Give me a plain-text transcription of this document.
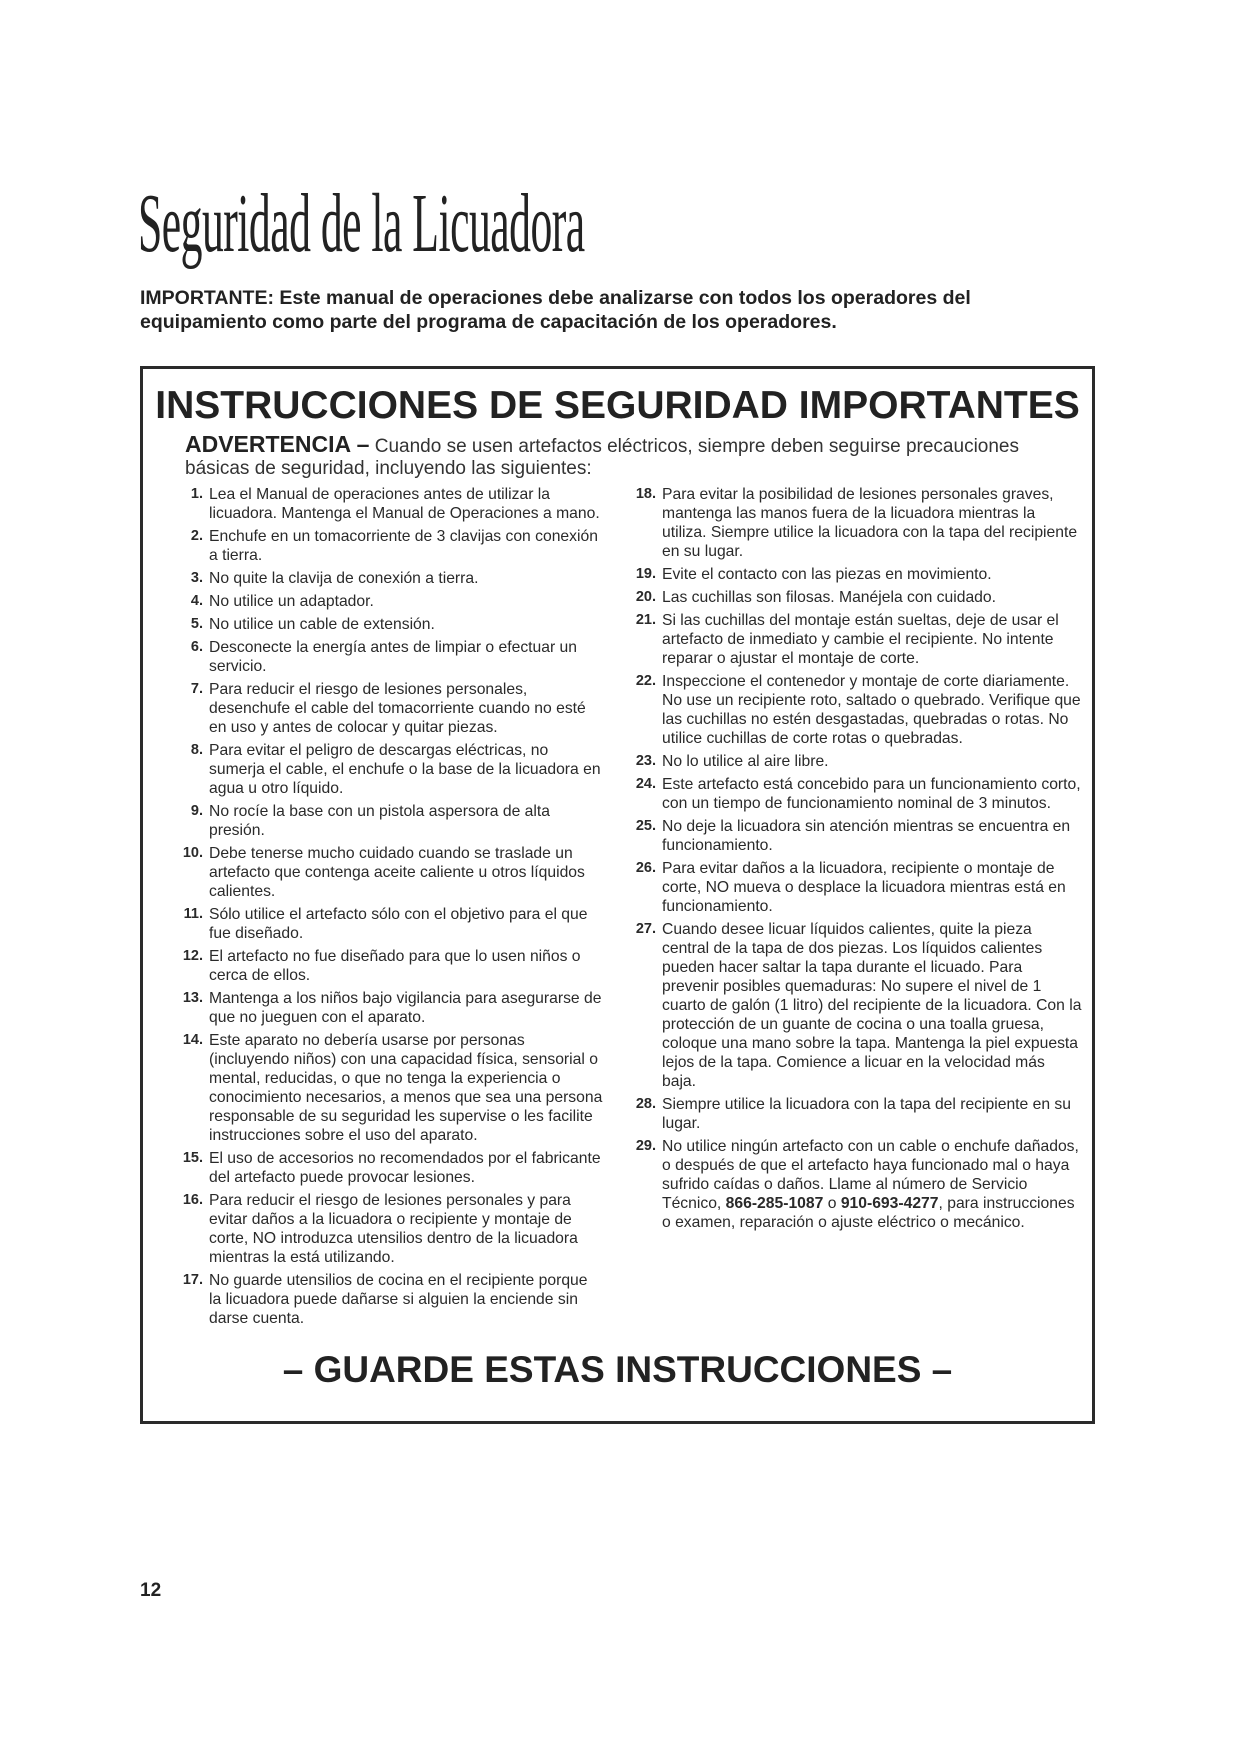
Seguridad de la Licuadora
IMPORTANTE: Este manual de operaciones debe analizarse con todos los operadores del equipamiento como parte del programa de capacitación de los operadores.
INSTRUCCIONES DE SEGURIDAD IMPORTANTES
ADVERTENCIA – Cuando se usen artefactos eléctricos, siempre deben seguirse precauciones básicas de seguridad, incluyendo las siguientes:
1. Lea el Manual de operaciones antes de utilizar la licuadora. Mantenga el Manual de Operaciones a mano.
2. Enchufe en un tomacorriente de 3 clavijas con conexión a tierra.
3. No quite la clavija de conexión a tierra.
4. No utilice un adaptador.
5. No utilice un cable de extensión.
6. Desconecte la energía antes de limpiar o efectuar un servicio.
7. Para reducir el riesgo de lesiones personales, desenchufe el cable del tomacorriente cuando no esté en uso y antes de colocar y quitar piezas.
8. Para evitar el peligro de descargas eléctricas, no sumerja el cable, el enchufe o la base de la licuadora en agua u otro líquido.
9. No rocíe la base con un pistola aspersora de alta presión.
10. Debe tenerse mucho cuidado cuando se traslade un artefacto que contenga aceite caliente u otros líquidos calientes.
11. Sólo utilice el artefacto sólo con el objetivo para el que fue diseñado.
12. El artefacto no fue diseñado para que lo usen niños o cerca de ellos.
13. Mantenga a los niños bajo vigilancia para asegurarse de que no jueguen con el aparato.
14. Este aparato no debería usarse por personas (incluyendo niños) con una capacidad física, sensorial o mental, reducidas, o que no tenga la experiencia o conocimiento necesarios, a menos que sea una persona responsable de su seguridad les supervise o les facilite instrucciones sobre el uso del aparato.
15. El uso de accesorios no recomendados por el fabricante del artefacto puede provocar lesiones.
16. Para reducir el riesgo de lesiones personales y para evitar daños a la licuadora o recipiente y montaje de corte, NO introduzca utensilios dentro de la licuadora mientras la está utilizando.
17. No guarde utensilios de cocina en el recipiente porque la licuadora puede dañarse si alguien la enciende sin darse cuenta.
18. Para evitar la posibilidad de lesiones personales graves, mantenga las manos fuera de la licuadora mientras la utiliza. Siempre utilice la licuadora con la tapa del recipiente en su lugar.
19. Evite el contacto con las piezas en movimiento.
20. Las cuchillas son filosas. Manéjela con cuidado.
21. Si las cuchillas del montaje están sueltas, deje de usar el artefacto de inmediato y cambie el recipiente. No intente reparar o ajustar el montaje de corte.
22. Inspeccione el contenedor y montaje de corte diariamente. No use un recipiente roto, saltado o quebrado. Verifique que las cuchillas no estén desgastadas, quebradas o rotas. No utilice cuchillas de corte rotas o quebradas.
23. No lo utilice al aire libre.
24. Este artefacto está concebido para un funcionamiento corto, con un tiempo de funcionamiento nominal de 3 minutos.
25. No deje la licuadora sin atención mientras se encuentra en funcionamiento.
26. Para evitar daños a la licuadora, recipiente o montaje de corte, NO mueva o desplace la licuadora mientras está en funcionamiento.
27. Cuando desee licuar líquidos calientes, quite la pieza central de la tapa de dos piezas. Los líquidos calientes pueden hacer saltar la tapa durante el licuado. Para prevenir posibles quemaduras: No supere el nivel de 1 cuarto de galón (1 litro) del recipiente de la licuadora. Con la protección de un guante de cocina o una toalla gruesa, coloque una mano sobre la tapa. Mantenga la piel expuesta lejos de la tapa. Comience a licuar en la velocidad más baja.
28. Siempre utilice la licuadora con la tapa del recipiente en su lugar.
29. No utilice ningún artefacto con un cable o enchufe dañados, o después de que el artefacto haya funcionado mal o haya sufrido caídas o daños. Llame al número de Servicio Técnico, 866-285-1087 o 910-693-4277, para instrucciones o examen, reparación o ajuste eléctrico o mecánico.
– GUARDE ESTAS INSTRUCCIONES –
12
